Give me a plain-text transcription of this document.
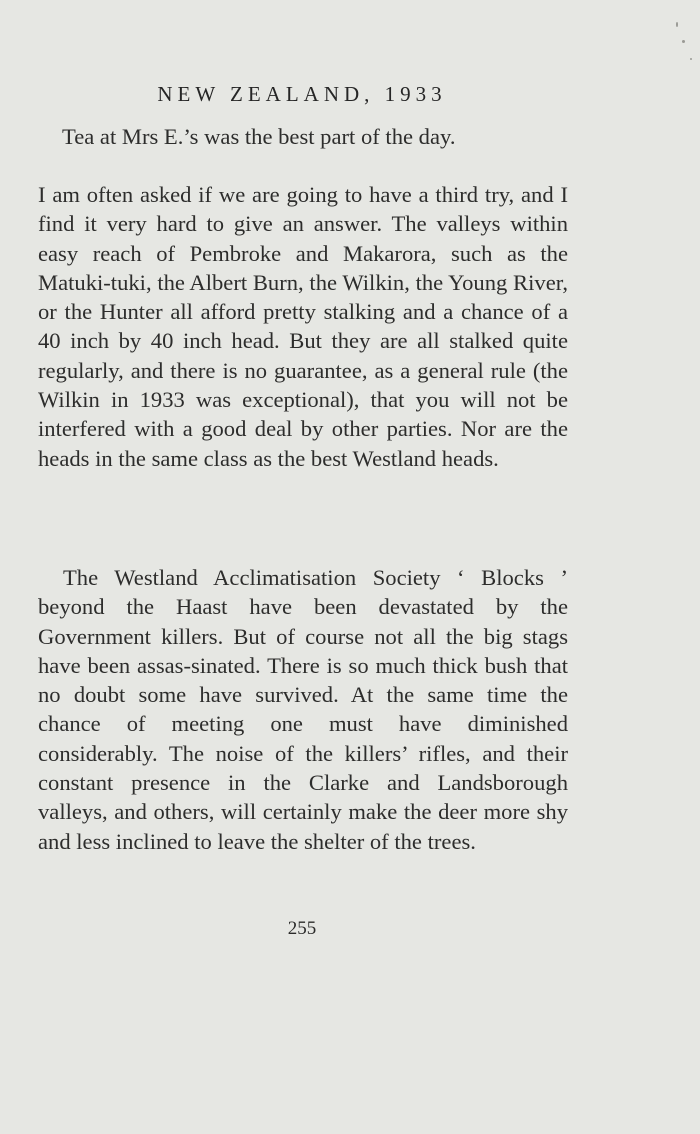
NEW ZEALAND, 1933
Tea at Mrs E.’s was the best part of the day.

I am often asked if we are going to have a third try, and I find it very hard to give an answer. The valleys within easy reach of Pembroke and Makarora, such as the Matuki-tuki, the Albert Burn, the Wilkin, the Young River, or the Hunter all afford pretty stalking and a chance of a 40 inch by 40 inch head. But they are all stalked quite regularly, and there is no guarantee, as a general rule (the Wilkin in 1933 was exceptional), that you will not be interfered with a good deal by other parties. Nor are the heads in the same class as the best Westland heads.

The Westland Acclimatisation Society ‘ Blocks ’ beyond the Haast have been devastated by the Government killers. But of course not all the big stags have been assas-sinated. There is so much thick bush that no doubt some have survived. At the same time the chance of meeting one must have diminished considerably. The noise of the killers’ rifles, and their constant presence in the Clarke and Landsborough valleys, and others, will certainly make the deer more shy and less inclined to leave the shelter of the trees.

255
